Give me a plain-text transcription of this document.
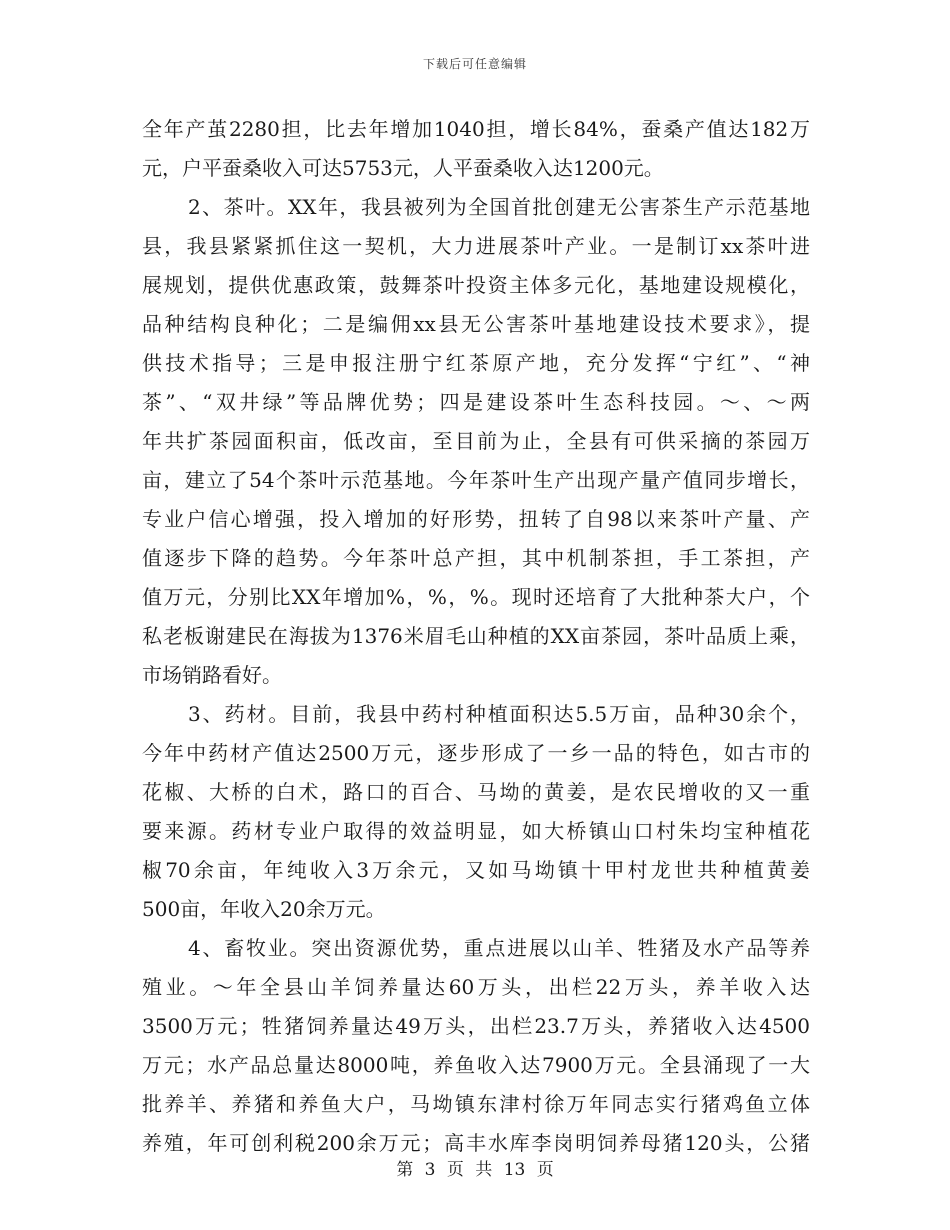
下载后可任意编辑
全年产茧2280担，比去年增加1040担，增长84%，蚕桑产值达182万
元，户平蚕桑收入可达5753元，人平蚕桑收入达1200元。
2、茶叶。XX年，我县被列为全国首批创建无公害茶生产示范基地
县，我县紧紧抓住这一契机，大力进展茶叶产业。一是制订xx茶叶进
展规划，提供优惠政策，鼓舞茶叶投资主体多元化，基地建设规模化，
品种结构良种化；二是编佣xx县无公害茶叶基地建设技术要求》，提
供技术指导；三是申报注册宁红茶原产地，充分发挥“宁红”、“神
茶”、“双井绿”等品牌优势；四是建设茶叶生态科技园。～、～两
年共扩茶园面积亩，低改亩，至目前为止，全县有可供采摘的茶园万
亩，建立了54个茶叶示范基地。今年茶叶生产出现产量产值同步增长，
专业户信心增强，投入增加的好形势，扭转了自98以来茶叶产量、产
值逐步下降的趋势。今年茶叶总产担，其中机制茶担，手工茶担，产
值万元，分别比XX年增加%，%，%。现时还培育了大批种茶大户，个
私老板谢建民在海拔为1376米眉毛山种植的XX亩茶园，茶叶品质上乘，
市场销路看好。
3、药材。目前，我县中药村种植面积达5.5万亩，品种30余个，
今年中药材产值达2500万元，逐步形成了一乡一品的特色，如古市的
花椒、大桥的白术，路口的百合、马坳的黄姜，是农民增收的又一重
要来源。药材专业户取得的效益明显，如大桥镇山口村朱均宝种植花
椒70余亩，年纯收入3万余元，又如马坳镇十甲村龙世共种植黄姜
500亩，年收入20余万元。
4、畜牧业。突出资源优势，重点进展以山羊、牲猪及水产品等养
殖业。～年全县山羊饲养量达60万头，出栏22万头，养羊收入达
3500万元；牲猪饲养量达49万头，出栏23.7万头，养猪收入达4500
万元；水产品总量达8000吨，养鱼收入达7900万元。全县涌现了一大
批养羊、养猪和养鱼大户，马坳镇东津村徐万年同志实行猪鸡鱼立体
养殖，年可创利税200余万元；高丰水库李岗明饲养母猪120头，公猪
第 3 页 共 13 页
